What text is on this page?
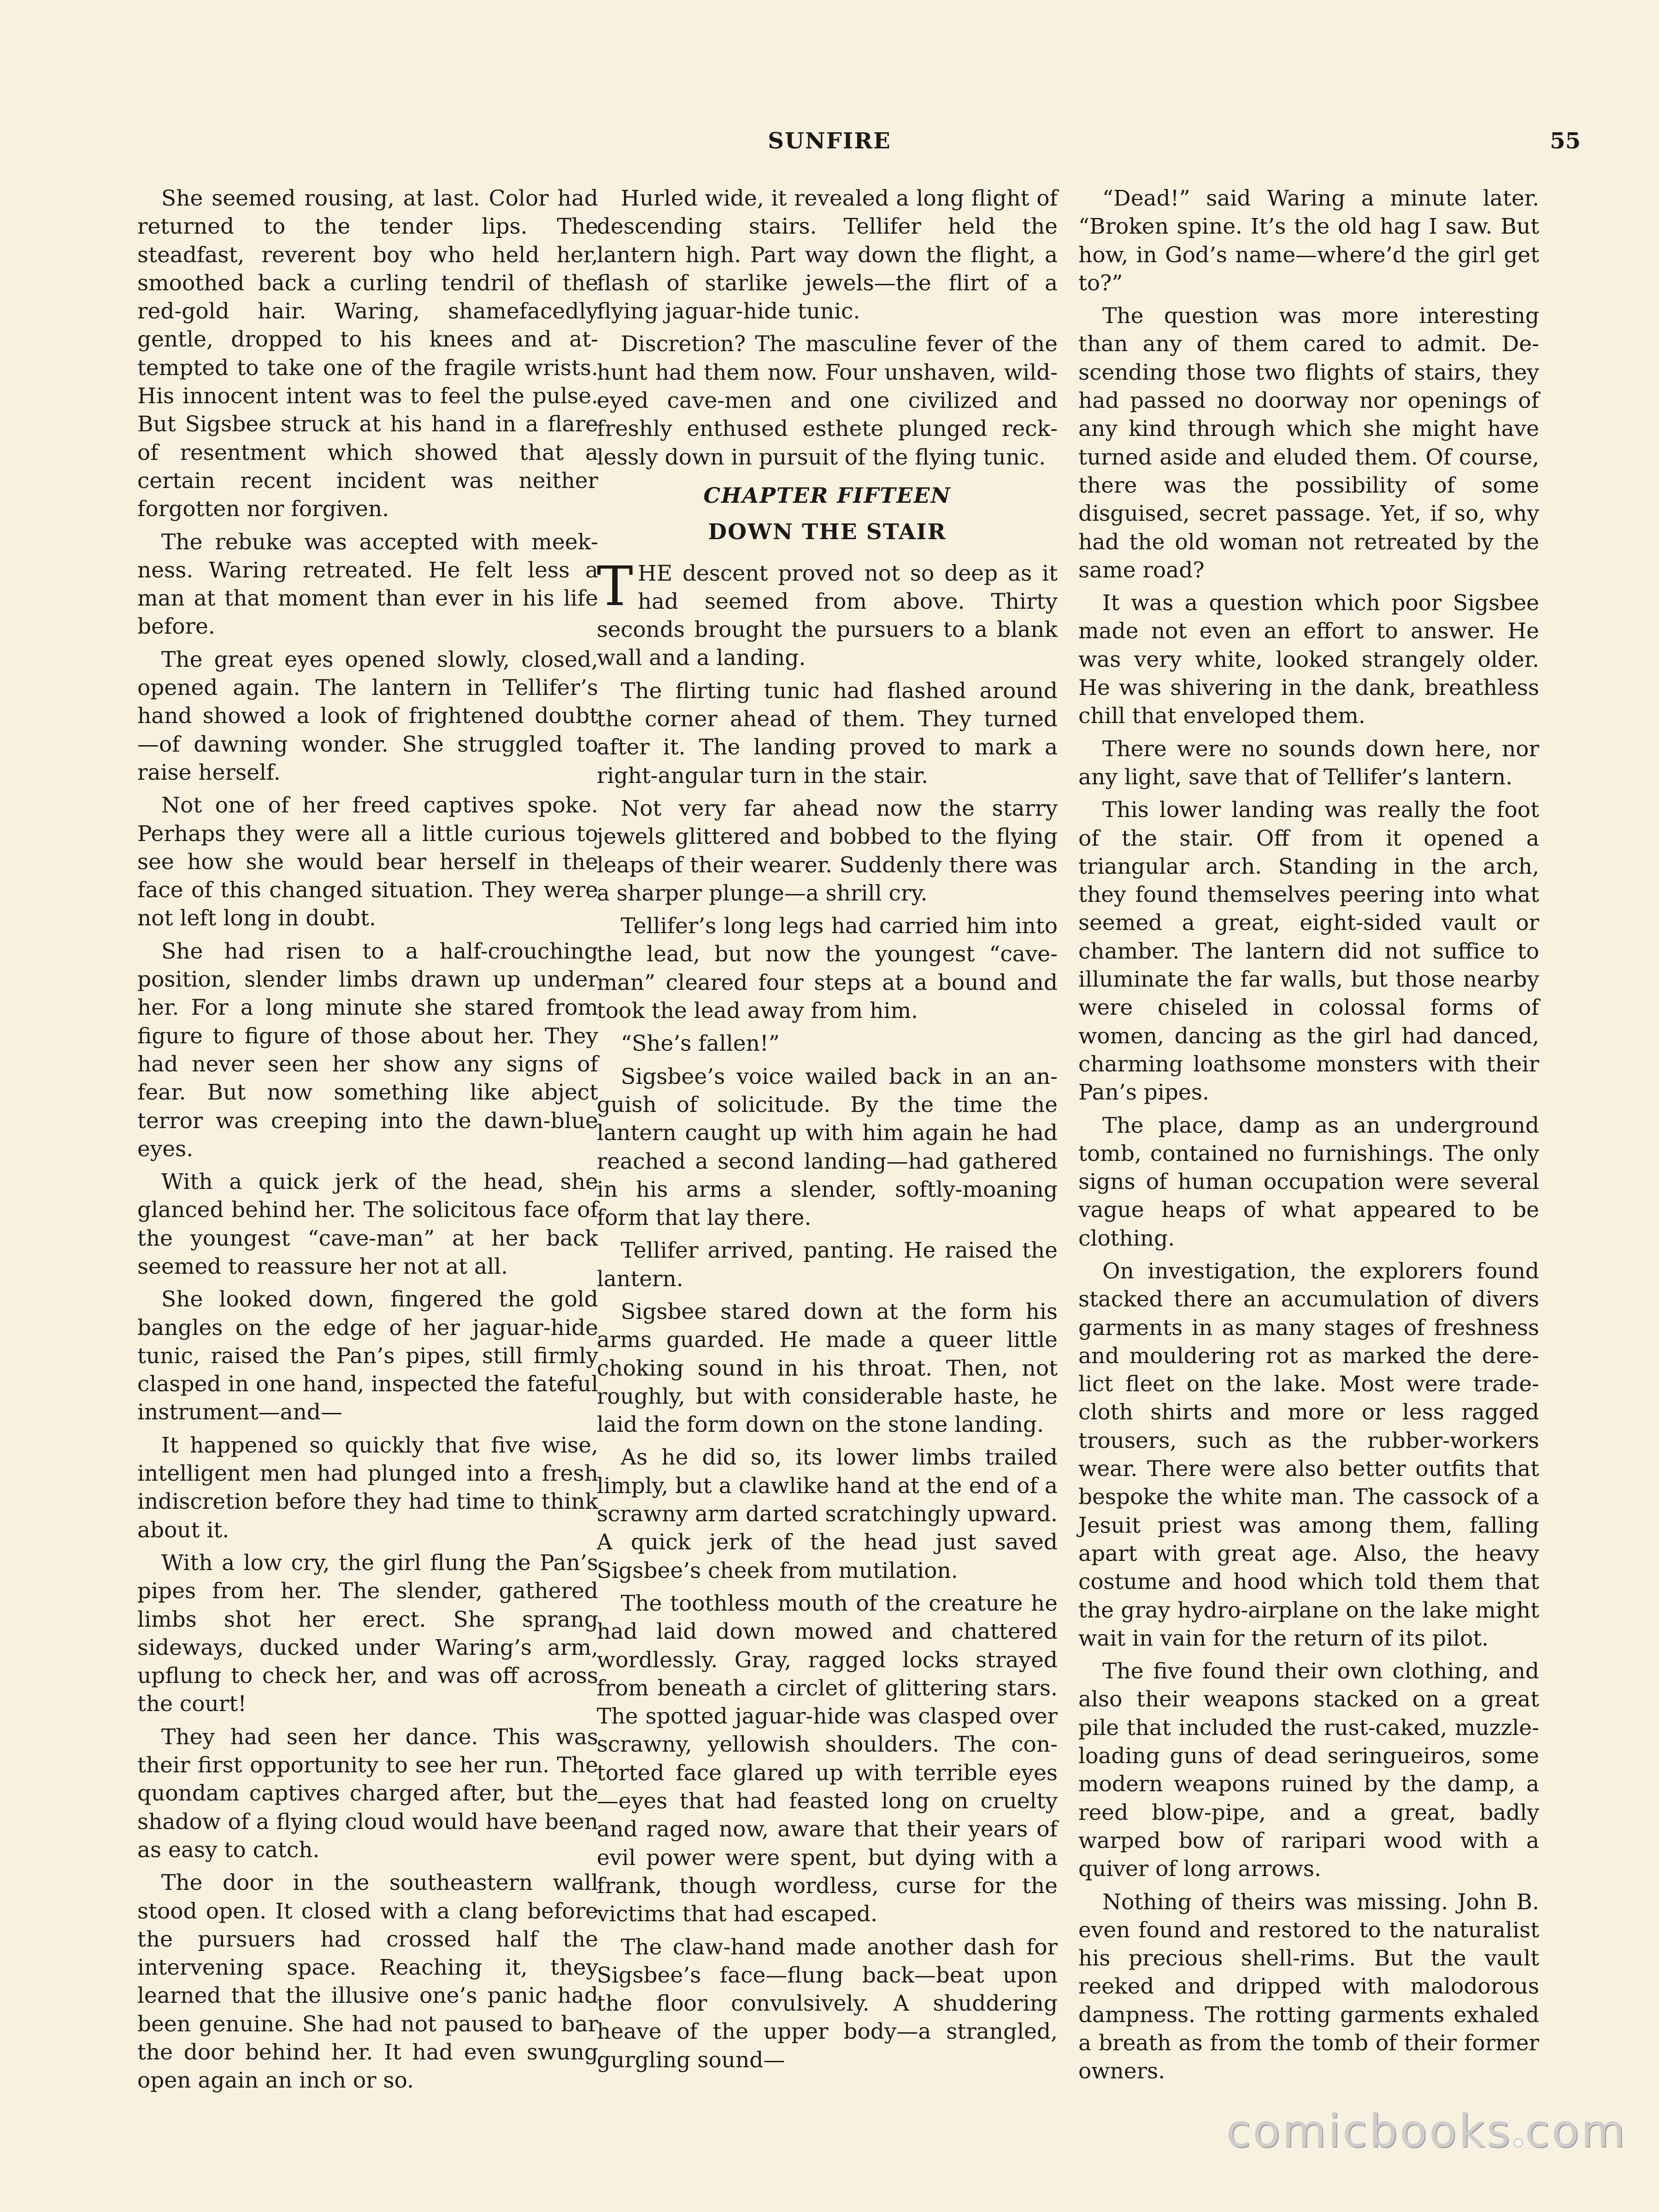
SUNFIRE	55

She seemed rousing, at last. Color had returned to the tender lips. The steadfast, reverent boy who held her, smoothed back a curling tendril of the red-gold hair. Waring, shamefacedly gentle, dropped to his knees and attempted to take one of the fragile wrists. His innocent intent was to feel the pulse. But Sigsbee struck at his hand in a flare of resentment which showed that a certain recent incident was neither forgotten nor forgiven.

The rebuke was accepted with meekness. Waring retreated. He felt less a man at that moment than ever in his life before.

The great eyes opened slowly, closed, opened again. The lantern in Tellifer’s hand showed a look of frightened doubt —of dawning wonder. She struggled to raise herself.

Not one of her freed captives spoke. Perhaps they were all a little curious to see how she would bear herself in the face of this changed situation. They were not left long in doubt.

She had risen to a half-crouching position, slender limbs drawn up under her. For a long minute she stared from figure to figure of those about her. They had never seen her show any signs of fear. But now something like abject terror was creeping into the dawn-blue eyes.

With a quick jerk of the head, she glanced behind her. The solicitous face of the youngest “cave-man” at her back seemed to reassure her not at all.

She looked down, fingered the gold bangles on the edge of her jaguar-hide tunic, raised the Pan’s pipes, still firmly clasped in one hand, inspected the fateful instrument—and—

It happened so quickly that five wise, intelligent men had plunged into a fresh indiscretion before they had time to think about it.

With a low cry, the girl flung the Pan’s pipes from her. The slender, gathered limbs shot her erect. She sprang sideways, ducked under Waring’s arm, upflung to check her, and was off across the court!

They had seen her dance. This was their first opportunity to see her run. The quondam captives charged after, but the shadow of a flying cloud would have been as easy to catch.

The door in the southeastern wall stood open. It closed with a clang before the pursuers had crossed half the intervening space. Reaching it, they learned that the illusive one’s panic had been genuine. She had not paused to bar the door behind her. It had even swung open again an inch or so.

Hurled wide, it revealed a long flight of descending stairs. Tellifer held the lantern high. Part way down the flight, a flash of starlike jewels—the flirt of a flying jaguar-hide tunic.

Discretion? The masculine fever of the hunt had them now. Four unshaven, wild-eyed cave-men and one civilized and freshly enthused esthete plunged recklessly down in pursuit of the flying tunic.

CHAPTER FIFTEEN
DOWN THE STAIR

THE descent proved not so deep as it had seemed from above. Thirty seconds brought the pursuers to a blank wall and a landing.

The flirting tunic had flashed around the corner ahead of them. They turned after it. The landing proved to mark a right-angular turn in the stair.

Not very far ahead now the starry jewels glittered and bobbed to the flying leaps of their wearer. Suddenly there was a sharper plunge—a shrill cry.

Tellifer’s long legs had carried him into the lead, but now the youngest “cave-man” cleared four steps at a bound and took the lead away from him.

“She’s fallen!”

Sigsbee’s voice wailed back in an anguish of solicitude. By the time the lantern caught up with him again he had reached a second landing—had gathered in his arms a slender, softly-moaning form that lay there.

Tellifer arrived, panting. He raised the lantern.

Sigsbee stared down at the form his arms guarded. He made a queer little choking sound in his throat. Then, not roughly, but with considerable haste, he laid the form down on the stone landing.

As he did so, its lower limbs trailed limply, but a clawlike hand at the end of a scrawny arm darted scratchingly upward. A quick jerk of the head just saved Sigsbee’s cheek from mutilation.

The toothless mouth of the creature he had laid down mowed and chattered wordlessly. Gray, ragged locks strayed from beneath a circlet of glittering stars. The spotted jaguar-hide was clasped over scrawny, yellowish shoulders. The contorted face glared up with terrible eyes —eyes that had feasted long on cruelty and raged now, aware that their years of evil power were spent, but dying with a frank, though wordless, curse for the victims that had escaped.

The claw-hand made another dash for Sigsbee’s face—flung back—beat upon the floor convulsively. A shuddering heave of the upper body—a strangled, gurgling sound—

“Dead!” said Waring a minute later. “Broken spine. It’s the old hag I saw. But how, in God’s name—where’d the girl get to?”

The question was more interesting than any of them cared to admit. Descending those two flights of stairs, they had passed no doorway nor openings of any kind through which she might have turned aside and eluded them. Of course, there was the possibility of some disguised, secret passage. Yet, if so, why had the old woman not retreated by the same road?

It was a question which poor Sigsbee made not even an effort to answer. He was very white, looked strangely older. He was shivering in the dank, breathless chill that enveloped them.

There were no sounds down here, nor any light, save that of Tellifer’s lantern.

This lower landing was really the foot of the stair. Off from it opened a triangular arch. Standing in the arch, they found themselves peering into what seemed a great, eight-sided vault or chamber. The lantern did not suffice to illuminate the far walls, but those nearby were chiseled in colossal forms of women, dancing as the girl had danced, charming loathsome monsters with their Pan’s pipes.

The place, damp as an underground tomb, contained no furnishings. The only signs of human occupation were several vague heaps of what appeared to be clothing.

On investigation, the explorers found stacked there an accumulation of divers garments in as many stages of freshness and mouldering rot as marked the derelict fleet on the lake. Most were trade-cloth shirts and more or less ragged trousers, such as the rubber-workers wear. There were also better outfits that bespoke the white man. The cassock of a Jesuit priest was among them, falling apart with great age. Also, the heavy costume and hood which told them that the gray hydro-airplane on the lake might wait in vain for the return of its pilot.

The five found their own clothing, and also their weapons stacked on a great pile that included the rust-caked, muzzle-loading guns of dead seringueiros, some modern weapons ruined by the damp, a reed blow-pipe, and a great, badly warped bow of raripari wood with a quiver of long arrows.

Nothing of theirs was missing. John B. even found and restored to the naturalist his precious shell-rims. But the vault reeked and dripped with malodorous dampness. The rotting garments exhaled a breath as from the tomb of their former owners.

comicbooks com
